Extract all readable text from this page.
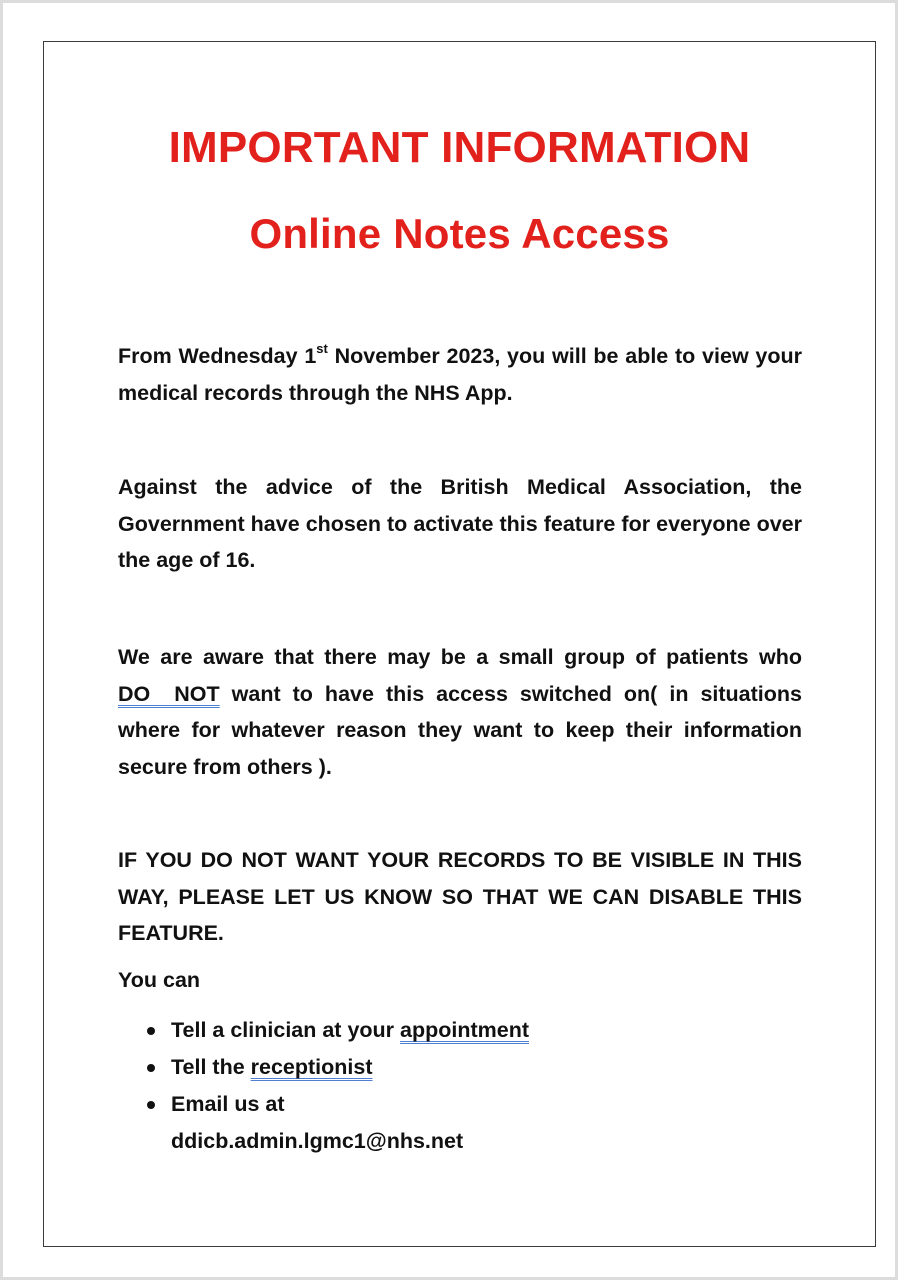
IMPORTANT INFORMATION
Online Notes Access

From Wednesday 1st November 2023, you will be able to view your medical records through the NHS App.

Against the advice of the British Medical Association, the Government have chosen to activate this feature for everyone over the age of 16.

We are aware that there may be a small group of patients who DO  NOT want to have this access switched on( in situations where for whatever reason they want to keep their information secure from others ).

IF YOU DO NOT WANT YOUR RECORDS TO BE VISIBLE IN THIS WAY, PLEASE LET US KNOW SO THAT WE CAN DISABLE THIS FEATURE.

You can

Tell a clinician at your appointment
Tell the receptionist
Email us at
ddicb.admin.lgmc1@nhs.net
